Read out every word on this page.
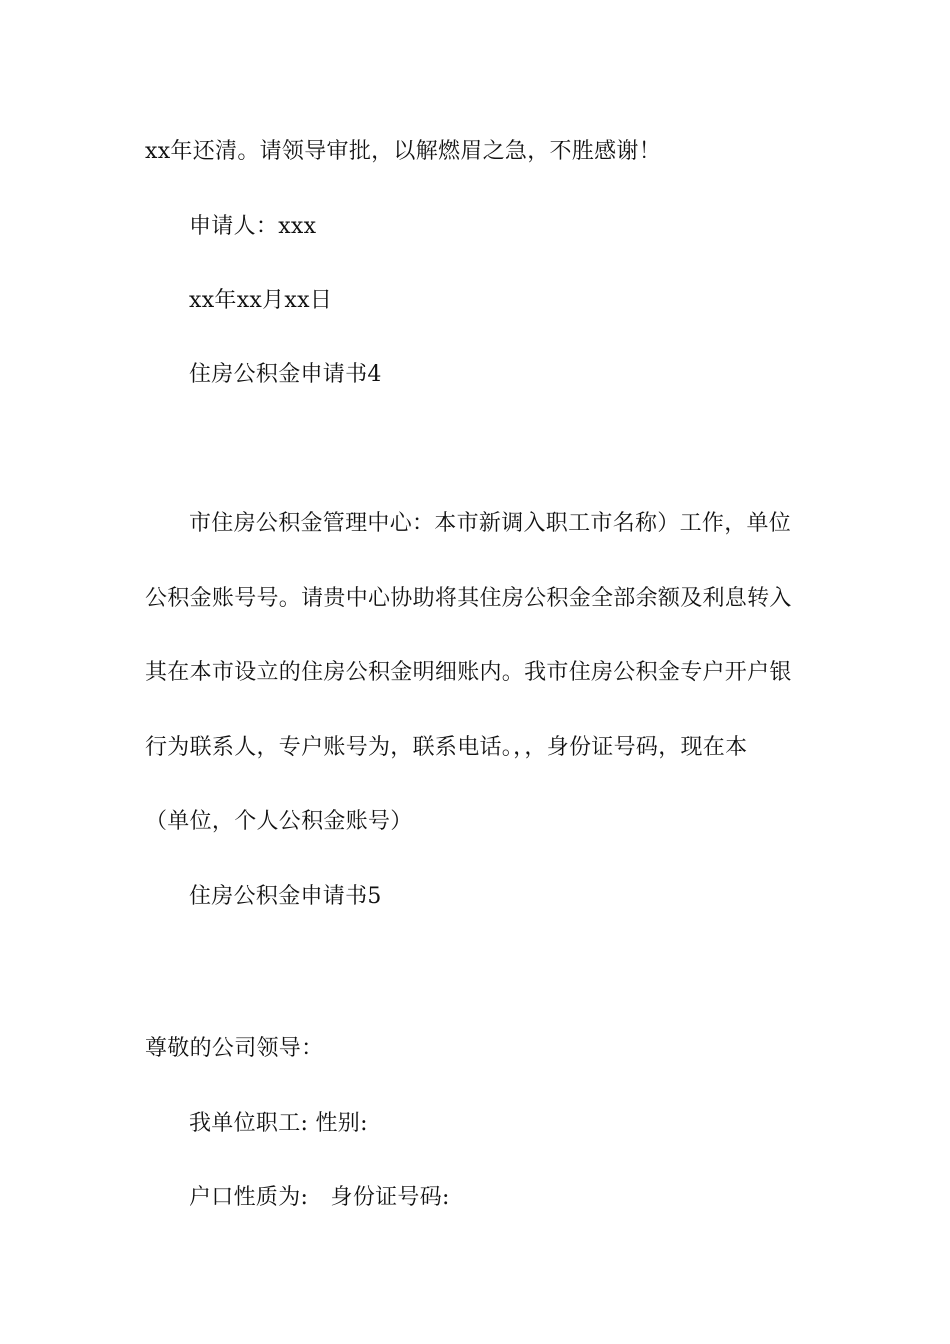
xx年还清。请领导审批，以解燃眉之急，不胜感谢！
申请人：xxx
xx年xx月xx日
住房公积金申请书4
市住房公积金管理中心：本市新调入职工市名称）工作，单位
公积金账号号。请贵中心协助将其住房公积金全部余额及利息转入
其在本市设立的住房公积金明细账内。我市住房公积金专户开户银
行为联系人，专户账号为，联系电话。，，身份证号码，现在本
（单位，个人公积金账号）
住房公积金申请书5
尊敬的公司领导：
我单位职工: 性别:
户口性质为:　身份证号码:
